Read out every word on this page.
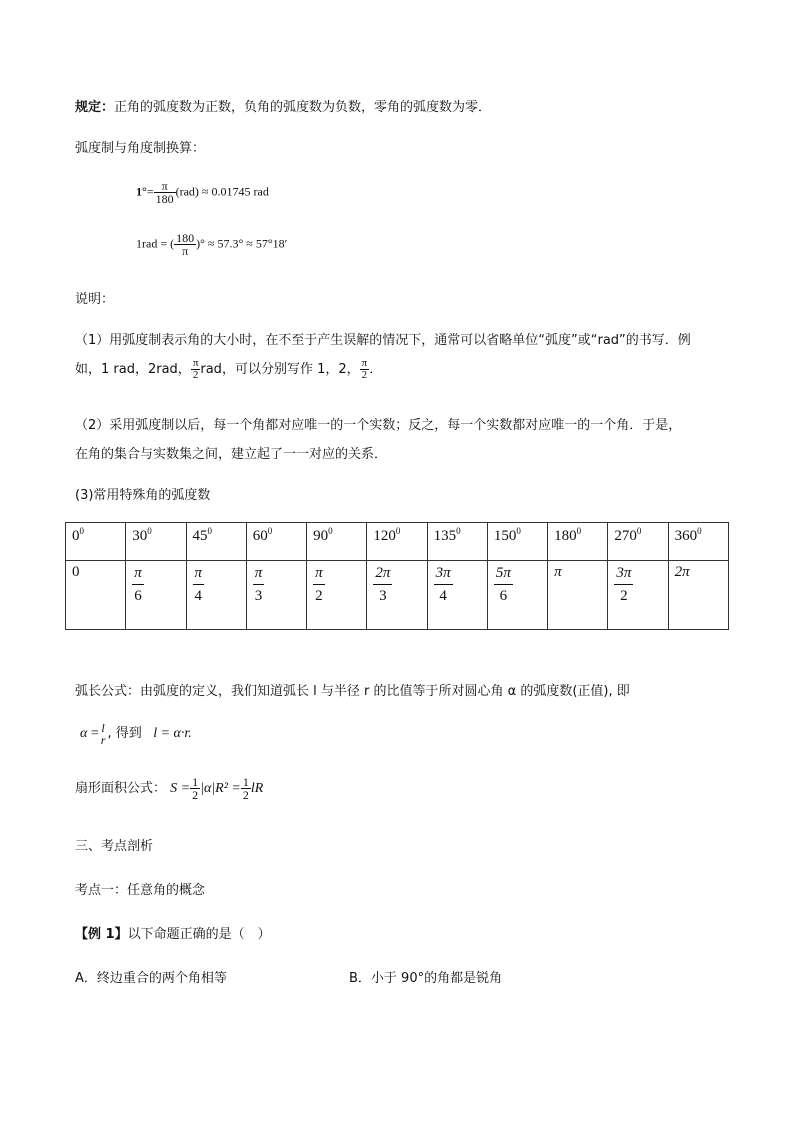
规定：正角的弧度数为正数，负角的弧度数为负数，零角的弧度数为零．
弧度制与角度制换算：
$1^\circ= \frac{\pi}{180} (rad) \approx 0.01745$ rad
1rad = ( $\frac{180}{\pi}$ )° ≈ 57.3° ≈ 57°18′
说明：
（1）用弧度制表示角的大小时，在不至于产生误解的情况下，通常可以省略单位“弧度”或“rad”的书写．例
如，1 rad，2rad， $\frac{\pi}{2}$ rad，可以分别写作 1，2， $\frac{\pi}{2}$ ．
（2）采用弧度制以后，每一个角都对应唯一的一个实数；反之，每一个实数都对应唯一的一个角．于是，
在角的集合与实数集之间，建立起了一一对应的关系．
(3)常用特殊角的弧度数
$0^0$	$30^0$	$45^0$	$60^0$	$90^0$	$120^0$	$135^0$	$150^0$	$180^0$	$270^0$	$360^0$
0	$\frac{\pi}{6}$	$\frac{\pi}{4}$	$\frac{\pi}{3}$	$\frac{\pi}{2}$	$\frac{2\pi}{3}$	$\frac{3\pi}{4}$	$\frac{5\pi}{6}$	π	$\frac{3\pi}{2}$	2π
弧长公式：由弧度的定义，我们知道弧长 l 与半径 r 的比值等于所对圆心角 α 的弧度数(正值), 即
α = l
r , 得到 l = α·r.
扇形面积公式： $S = \frac{1}{2} |\alpha|R^2 = \frac{1}{2}$ lR
三、考点剖析
考点一：任意角的概念
【例 1】以下命题正确的是（　）
A．终边重合的两个角相等	B．小于 90°的角都是锐角
